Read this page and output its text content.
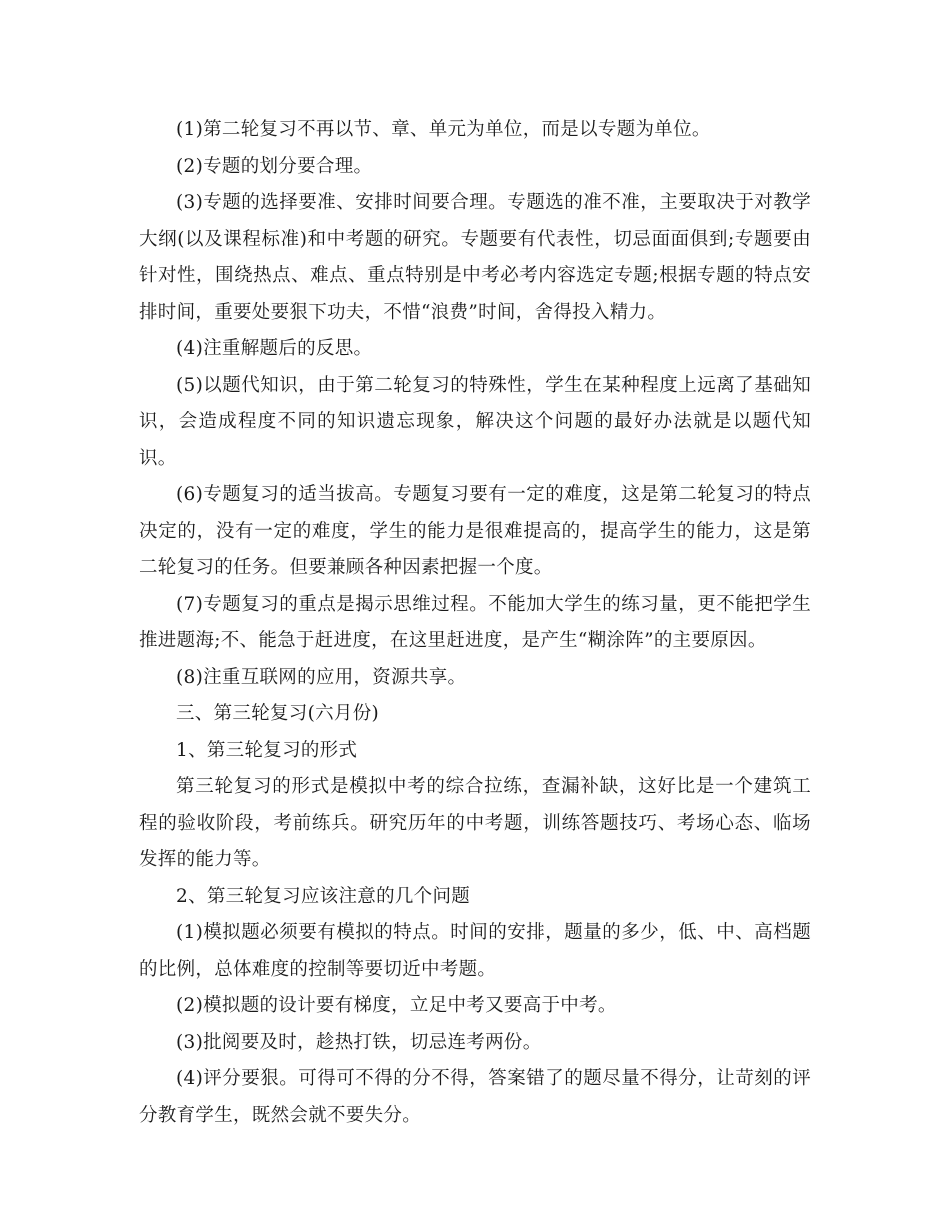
(1)第二轮复习不再以节、章、单元为单位，而是以专题为单位。

(2)专题的划分要合理。

(3)专题的选择要准、安排时间要合理。专题选的准不准，主要取决于对教学大纲(以及课程标准)和中考题的研究。专题要有代表性，切忌面面俱到;专题要由针对性，围绕热点、难点、重点特别是中考必考内容选定专题;根据专题的特点安排时间，重要处要狠下功夫，不惜“浪费”时间，舍得投入精力。

(4)注重解题后的反思。

(5)以题代知识，由于第二轮复习的特殊性，学生在某种程度上远离了基础知识，会造成程度不同的知识遗忘现象，解决这个问题的最好办法就是以题代知识。

(6)专题复习的适当拔高。专题复习要有一定的难度，这是第二轮复习的特点决定的，没有一定的难度，学生的能力是很难提高的，提高学生的能力，这是第二轮复习的任务。但要兼顾各种因素把握一个度。

(7)专题复习的重点是揭示思维过程。不能加大学生的练习量，更不能把学生推进题海;不、能急于赶进度，在这里赶进度，是产生“糊涂阵”的主要原因。

(8)注重互联网的应用，资源共享。

三、第三轮复习(六月份)

1、第三轮复习的形式

第三轮复习的形式是模拟中考的综合拉练，查漏补缺，这好比是一个建筑工程的验收阶段，考前练兵。研究历年的中考题，训练答题技巧、考场心态、临场发挥的能力等。

2、第三轮复习应该注意的几个问题

(1)模拟题必须要有模拟的特点。时间的安排，题量的多少，低、中、高档题的比例，总体难度的控制等要切近中考题。

(2)模拟题的设计要有梯度，立足中考又要高于中考。

(3)批阅要及时，趁热打铁，切忌连考两份。

(4)评分要狠。可得可不得的分不得，答案错了的题尽量不得分，让苛刻的评分教育学生，既然会就不要失分。
